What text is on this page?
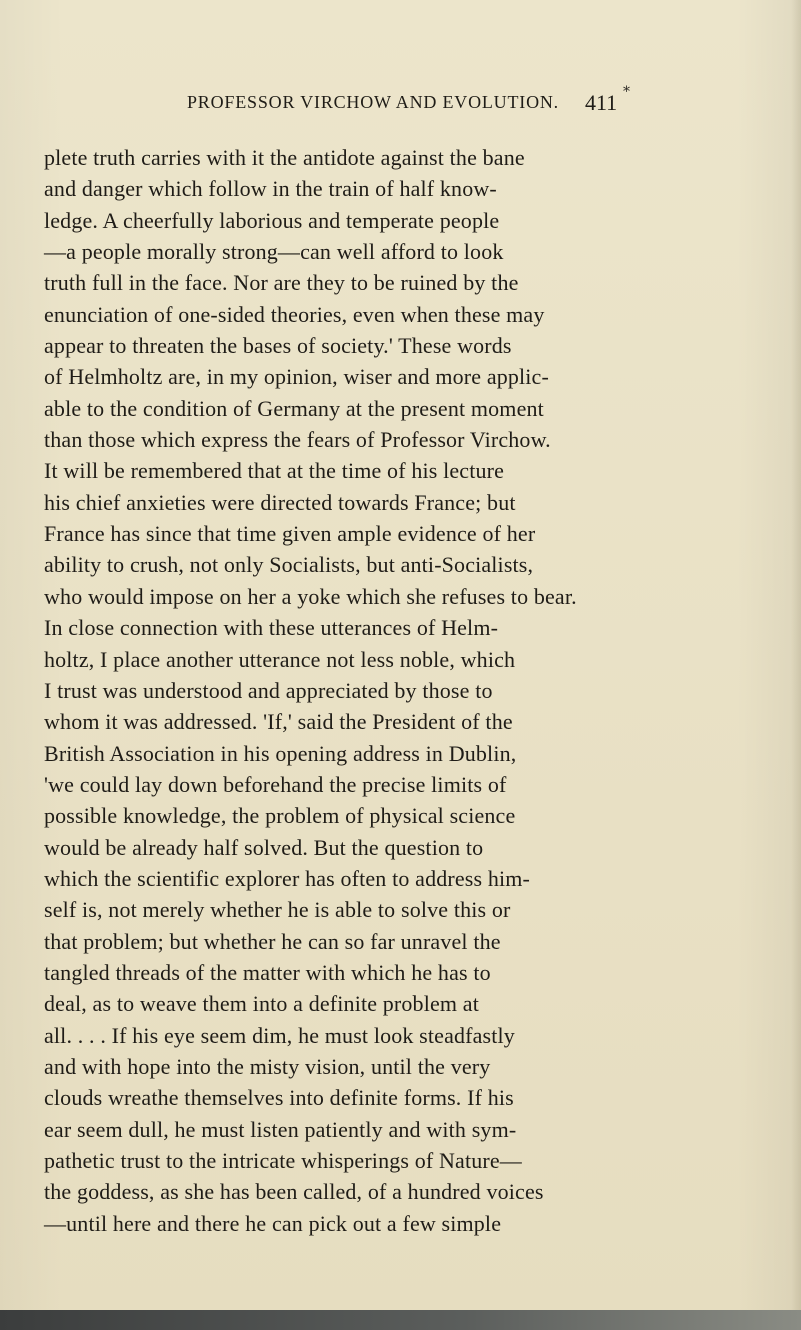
PROFESSOR VIRCHOW AND EVOLUTION. 411 *
plete truth carries with it the antidote against the bane
and danger which follow in the train of half know-
ledge. A cheerfully laborious and temperate people
—a people morally strong—can well afford to look
truth full in the face. Nor are they to be ruined by the
enunciation of one-sided theories, even when these may
appear to threaten the bases of society.' These words
of Helmholtz are, in my opinion, wiser and more applic-
able to the condition of Germany at the present moment
than those which express the fears of Professor Virchow.
It will be remembered that at the time of his lecture
his chief anxieties were directed towards France; but
France has since that time given ample evidence of her
ability to crush, not only Socialists, but anti-Socialists,
who would impose on her a yoke which she refuses to bear.
In close connection with these utterances of Helm-
holtz, I place another utterance not less noble, which
I trust was understood and appreciated by those to
whom it was addressed. 'If,' said the President of the
British Association in his opening address in Dublin,
'we could lay down beforehand the precise limits of
possible knowledge, the problem of physical science
would be already half solved. But the question to
which the scientific explorer has often to address him-
self is, not merely whether he is able to solve this or
that problem; but whether he can so far unravel the
tangled threads of the matter with which he has to
deal, as to weave them into a definite problem at
all. . . . If his eye seem dim, he must look steadfastly
and with hope into the misty vision, until the very
clouds wreathe themselves into definite forms. If his
ear seem dull, he must listen patiently and with sym-
pathetic trust to the intricate whisperings of Nature—
the goddess, as she has been called, of a hundred voices
—until here and there he can pick out a few simple
